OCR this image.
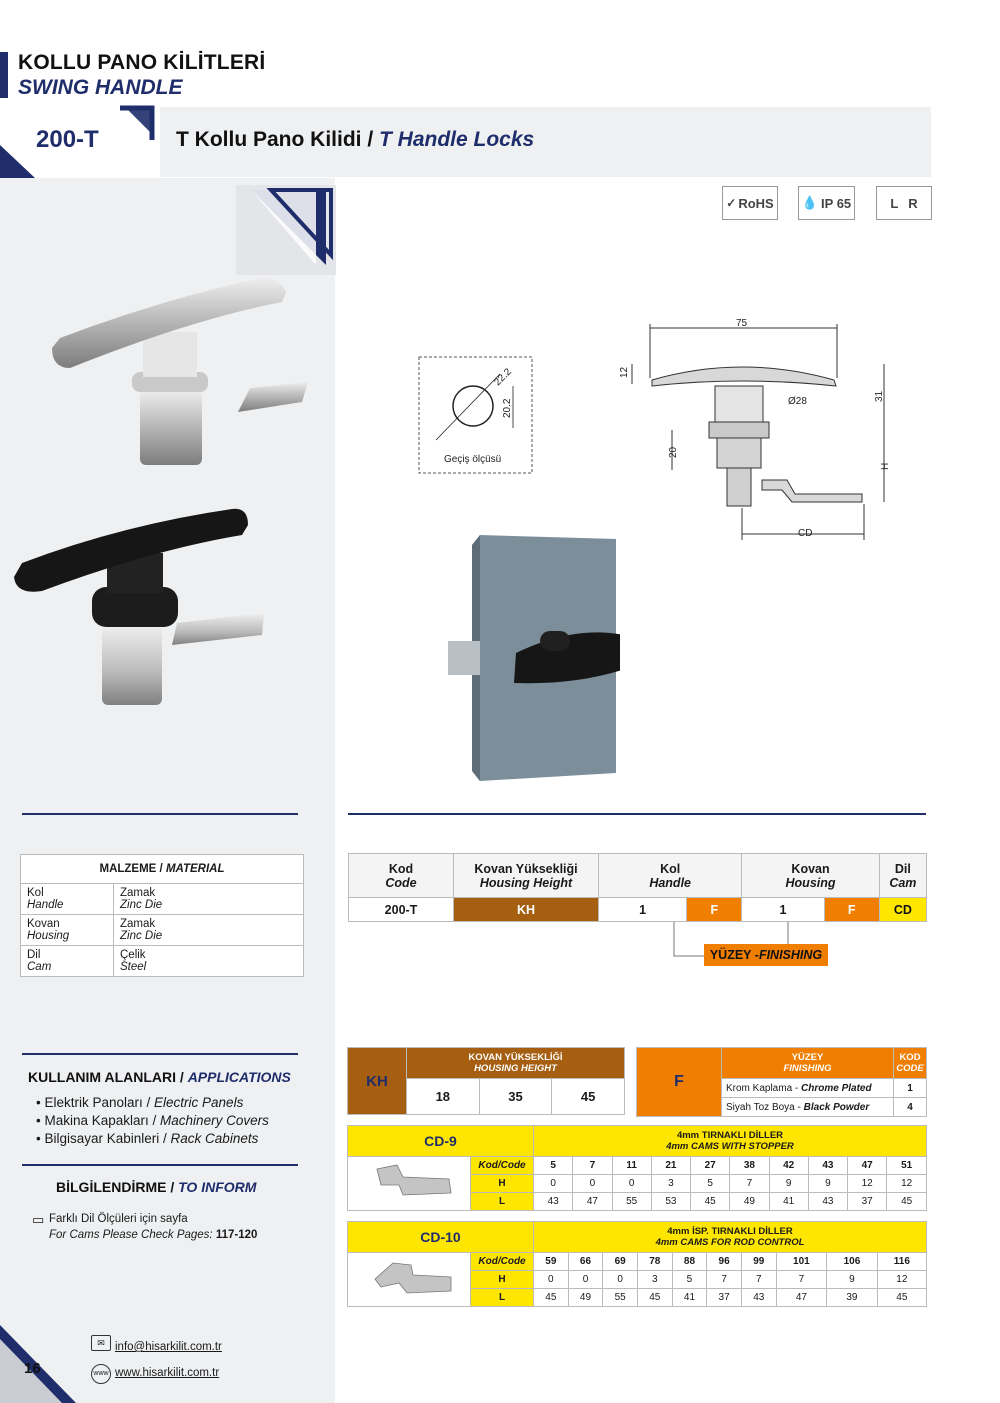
KOLLU PANO KİLİTLERİ
SWING HANDLE
200-T	T Kollu Pano Kilidi / T Handle Locks
✓ RoHS 💧 IP 65	L R
22.2
20.2
Geçiş ölçüsü
75
12
31
Ø28
20
H
CD
MALZEME / MATERIAL	
Kol
Handle	Zamak
Zinc Die
Kovan
Housing	Zamak
Zinc Die
Dil
Cam	Çelik
Steel
Kod
Code	Kovan Yüksekliği
Housing Height	Kol
Handle		Kovan
Housing		Dil
Cam
200-T	KH	1	F	1	F	CD
YÜZEY - FINISHING
KULLANIM ALANLARI / APPLICATIONS
• Elektrik Panoları / Electric Panels
• Makina Kapakları / Machinery Covers
• Bilgisayar Kabinleri / Rack Cabinets
BİLGİLENDİRME / TO INFORM
▭ Farklı Dil Ölçüleri için sayfa
For Cams Please Check Pages: 117-120
KH	KOVAN YÜKSEKLİĞİ
HOUSING HEIGHT		
	18	35	45
F	YÜZEY
FINISHING	KOD
CODE
	Krom Kaplama - Chrome Plated	1
	Siyah Toz Boya - Black Powder	4
CD-9		4mm TIRNAKLI DİLLER
4mm CAMS WITH STOPPER									
	Kod/Code	5	7	11	21	27	38	42	43	47	51
	H	0	0	0	3	5	7	9	9	12	12
	L	43	47	55	53	45	49	41	43	37	45
CD-10		4mm İSP. TIRNAKLI DİLLER
4mm CAMS FOR ROD CONTROL									
	Kod/Code	59	66	69	78	88	96	99	101	106	116
	H	0	0	0	3	5	7	7	7	9	12
	L	45	49	55	45	41	37	43	47	39	45
16
✉ info@hisarkilit.com.tr
www www.hisarkilit.com.tr
